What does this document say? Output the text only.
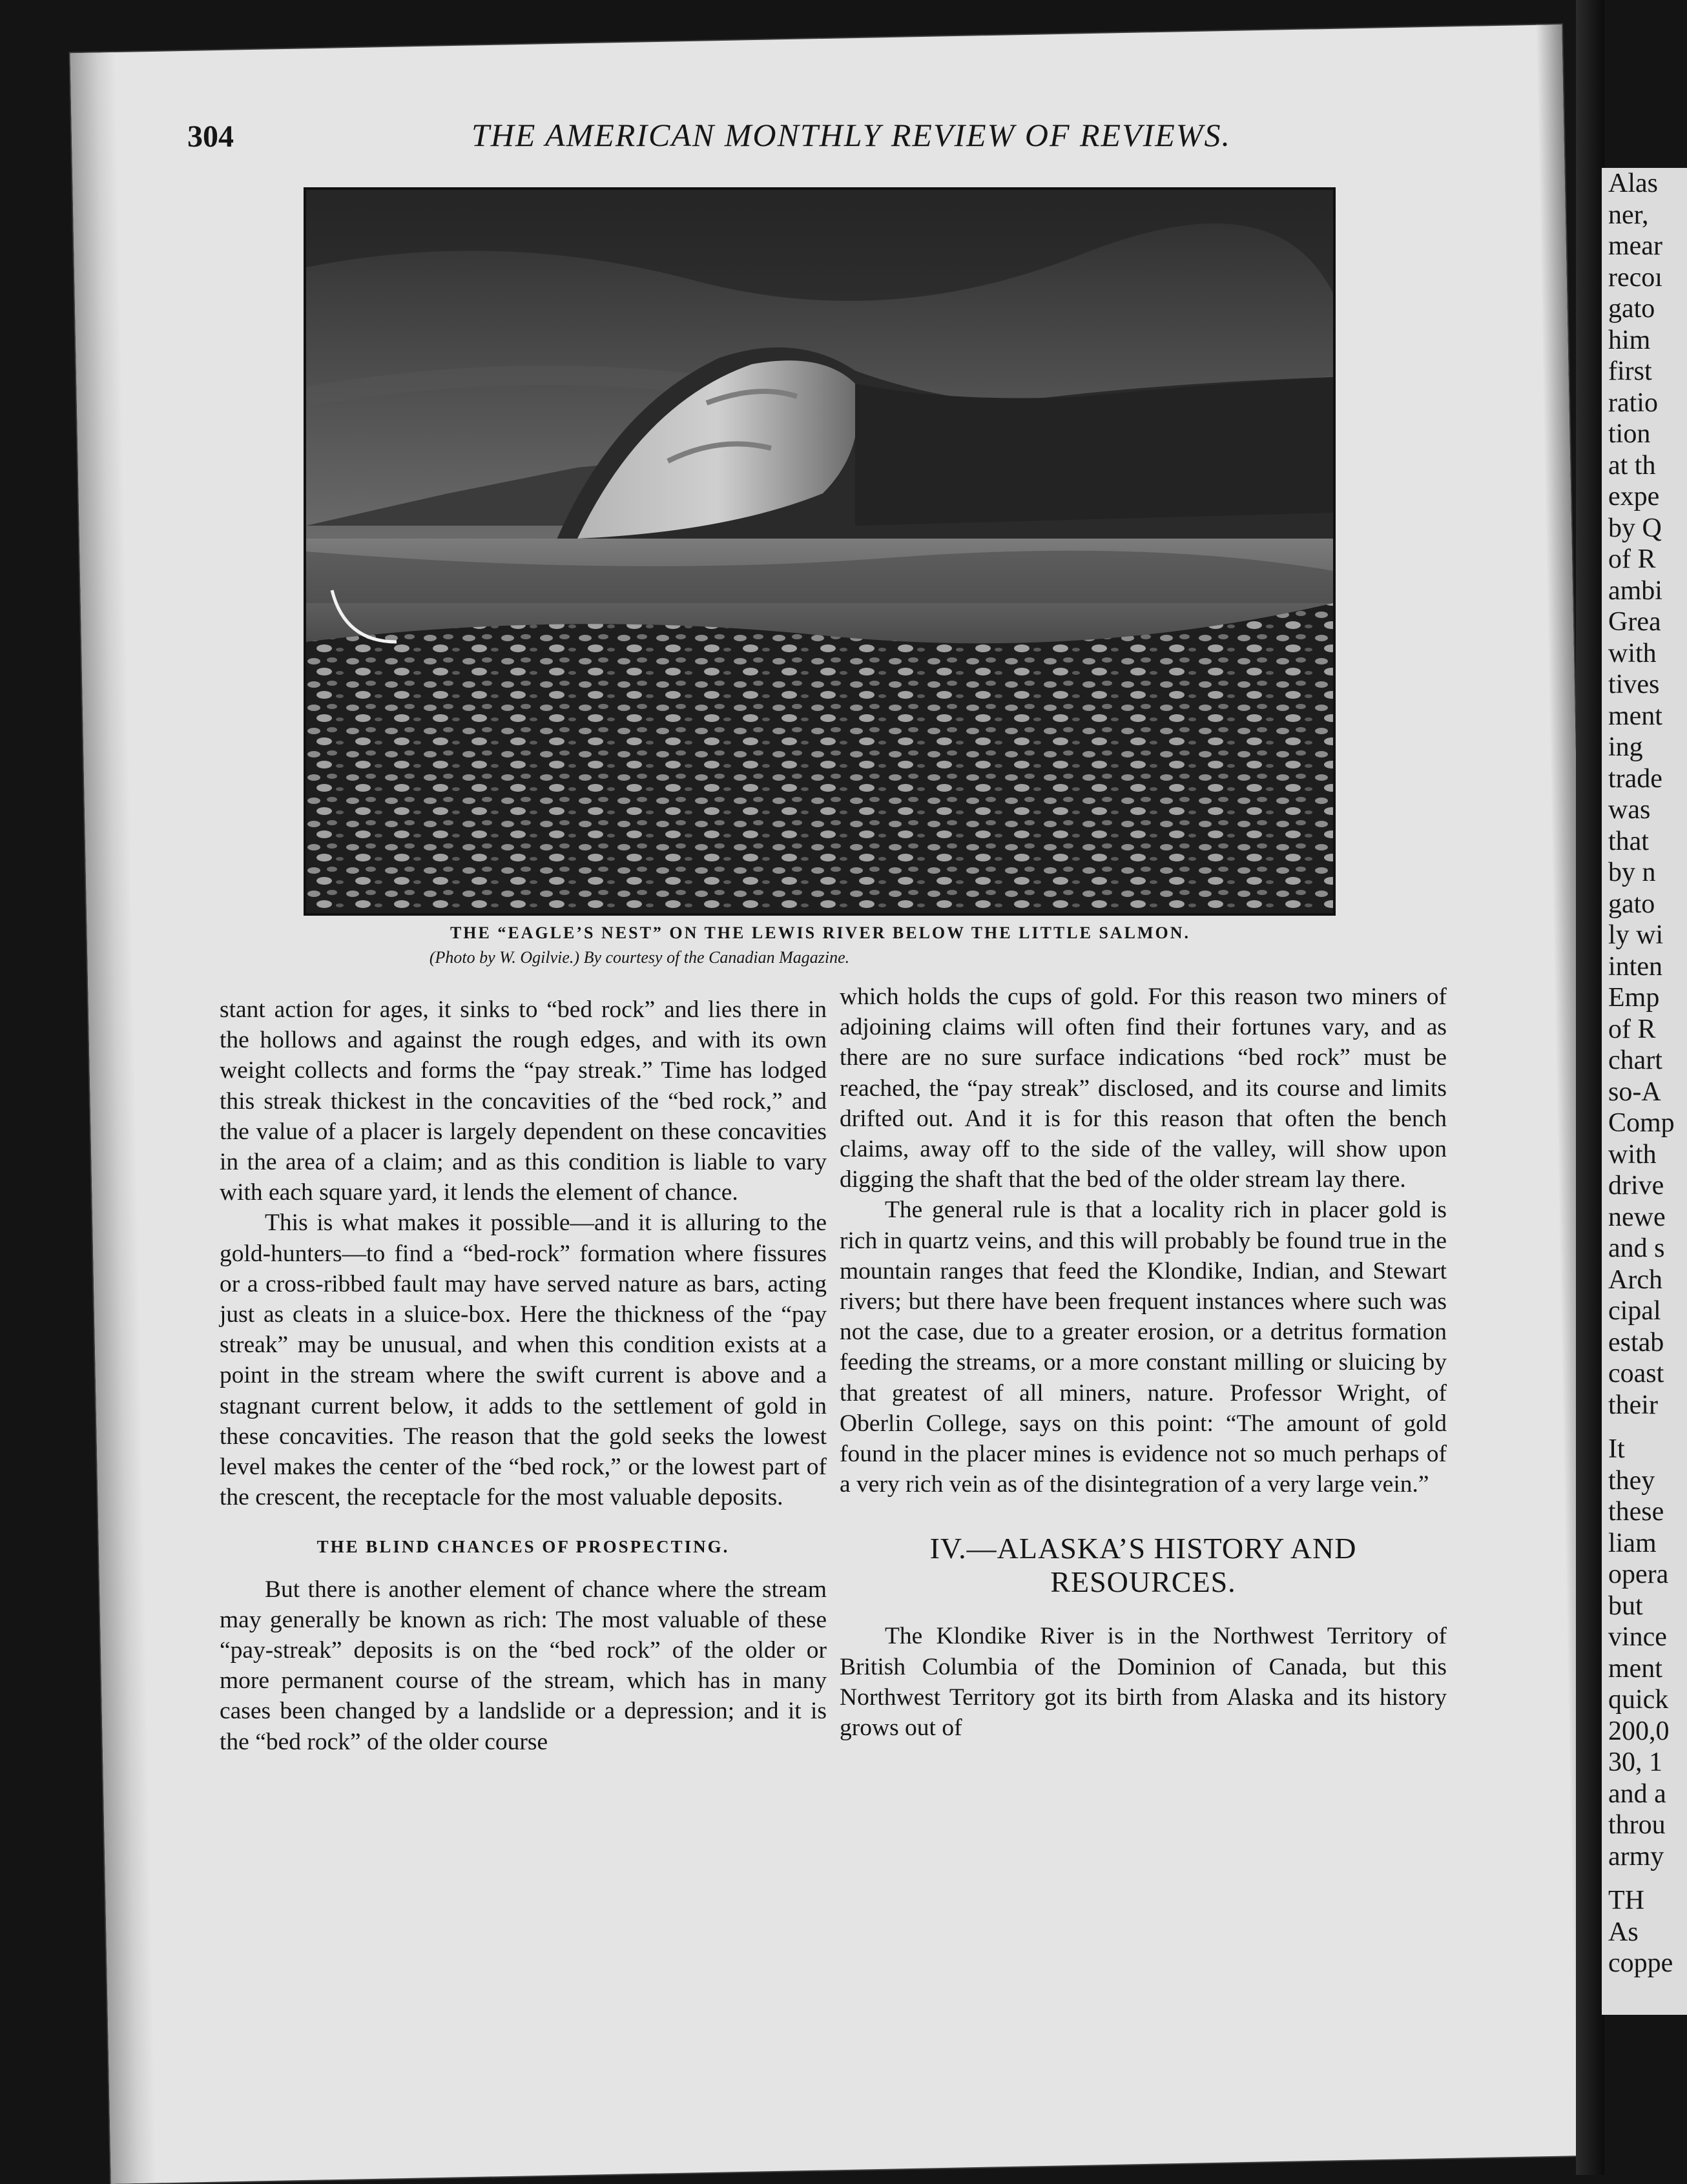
Alas
ner,
mear
recoı
gato
him
first
ratio
tion
at th
expe
by Q
of R
ambi
Grea
with
tives
ment
ing
trade
was
that
by n
gato
ly wi
inten
Emp
of R
chart
so-A
Comp
with
drive
newe
and s
Arch
cipal
estab
coast
their
It
they
these
liam
opera
but
vince
ment
quick
200,0
30, 1
and a
throu
army
TH
As
coppe
304	THE AMERICAN MONTHLY REVIEW OF REVIEWS.
THE “EAGLE’S NEST” ON THE LEWIS RIVER BELOW THE LITTLE SALMON.
(Photo by W. Ogilvie.) By courtesy of the Canadian Magazine.

stant action for ages, it sinks to “bed rock” and lies there in the hollows and against the rough edges, and with its own weight collects and forms the “pay streak.” Time has lodged this streak thickest in the concavities of the “bed rock,” and the value of a placer is largely dependent on these concavities in the area of a claim; and as this condition is liable to vary with each square yard, it lends the element of chance.

This is what makes it possible—and it is alluring to the gold-hunters—to find a “bed-rock” formation where fissures or a cross-ribbed fault may have served nature as bars, acting just as cleats in a sluice-box. Here the thickness of the “pay streak” may be unusual, and when this condition exists at a point in the stream where the swift current is above and a stagnant current below, it adds to the settlement of gold in these concavities. The reason that the gold seeks the lowest level makes the center of the “bed rock,” or the lowest part of the crescent, the receptacle for the most valuable deposits.

THE BLIND CHANCES OF PROSPECTING.

But there is another element of chance where the stream may generally be known as rich: The most valuable of these “pay-streak” deposits is on the “bed rock” of the older or more permanent course of the stream, which has in many cases been changed by a landslide or a depression; and it is the “bed rock” of the older course

which holds the cups of gold. For this reason two miners of adjoining claims will often find their fortunes vary, and as there are no sure surface indications “bed rock” must be reached, the “pay streak” disclosed, and its course and limits drifted out. And it is for this reason that often the bench claims, away off to the side of the valley, will show upon digging the shaft that the bed of the older stream lay there.

The general rule is that a locality rich in placer gold is rich in quartz veins, and this will probably be found true in the mountain ranges that feed the Klondike, Indian, and Stewart rivers; but there have been frequent instances where such was not the case, due to a greater erosion, or a detritus formation feeding the streams, or a more constant milling or sluicing by that greatest of all miners, nature. Professor Wright, of Oberlin College, says on this point: “The amount of gold found in the placer mines is evidence not so much perhaps of a very rich vein as of the disintegration of a very large vein.”

IV.—ALASKA’S HISTORY AND RESOURCES.

The Klondike River is in the Northwest Territory of British Columbia of the Dominion of Canada, but this Northwest Territory got its birth from Alaska and its history grows out of
